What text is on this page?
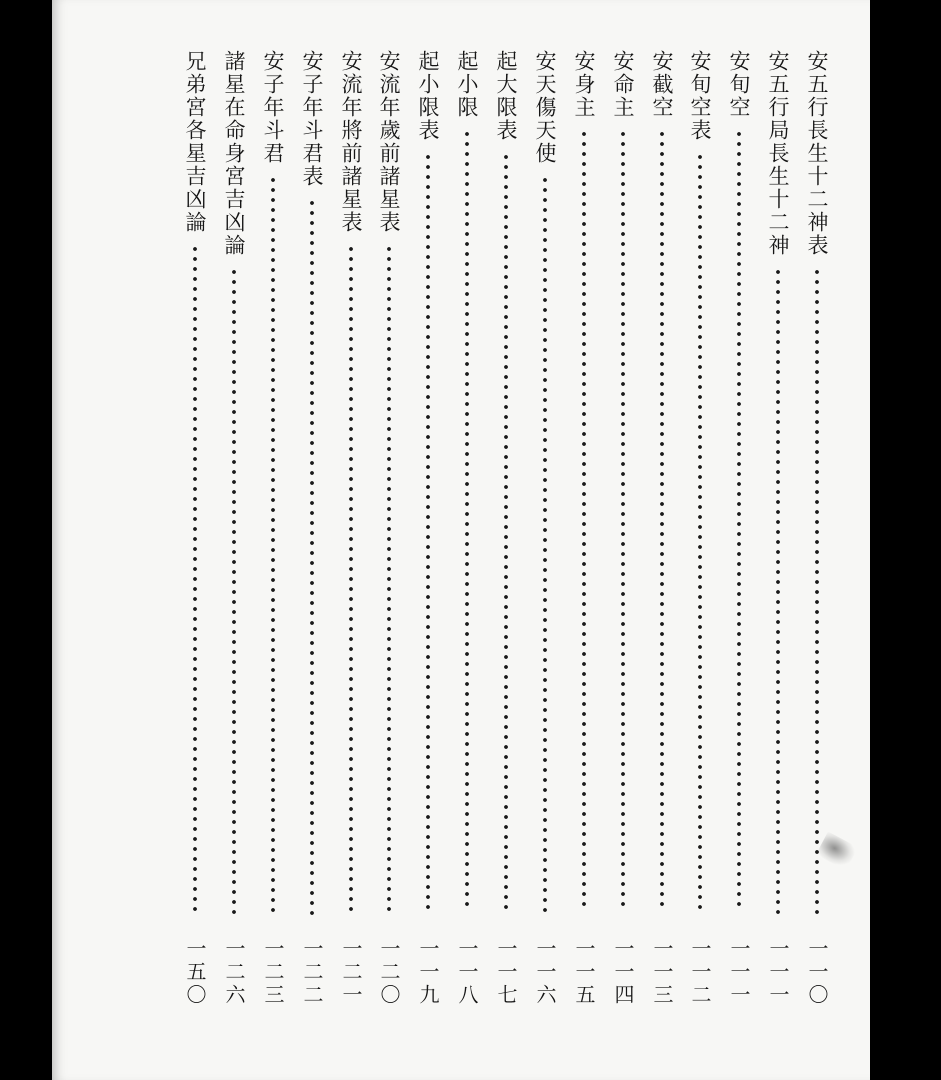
安五行長生十二神表
一一〇
安五行局長生十二神
一一一
安旬空
一一一
安旬空表
一一二
安截空
一一三
安命主
一一四
安身主
一一五
安天傷天使
一一六
起大限表
一一七
起小限
一一八
起小限表
一一九
安流年歲前諸星表
一二〇
安流年將前諸星表
一二一
安子年斗君表
一二二
安子年斗君
一二三
諸星在命身宮吉凶論
一二六
兄弟宮各星吉凶論
一五〇
